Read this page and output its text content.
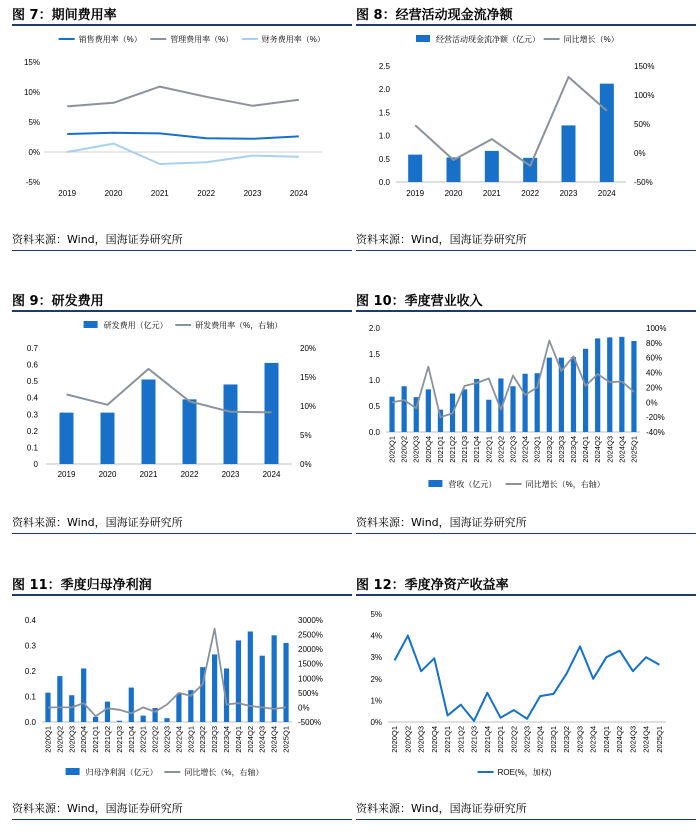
图 7：期间费用率
-5%
0%
5%
10%
15%
2019	2020	2021	2022	2023	2024
销售费用率（%）	管理费用率（%）	财务费用率（%）
资料来源：Wind，国海证券研究所
图 8：经营活动现金流净额
0.0
0.5
1.0
1.5
2.0
2.5
-50%
0%
50%
100%
150%
2019	2020	2021	2022	2023	2024
经营活动现金流净额（亿元）	同比增长（%）
资料来源：Wind，国海证券研究所
图 9：研发费用
0
0.1
0.2
0.3
0.4
0.5
0.6
0.7
0%
5%
10%
15%
20%
2019	2020	2021	2022	2023	2024
研发费用（亿元）	研发费用率（%，右轴）
资料来源：Wind，国海证券研究所
图 10：季度营业收入
0.0
0.5
1.0
1.5
2.0
-40%
-20%
0%
20%
40%
60%
80%
100%
2020Q1 2020Q2 2020Q3 2020Q4 2021Q1 2021Q2 2021Q3 2021Q4 2022Q1 2022Q2 2022Q3 2022Q4 2023Q1 2023Q2 2023Q3 2023Q4 2024Q1 2024Q2 2024Q3 2024Q4 2025Q1
营收（亿元）	同比增长（%，右轴）
资料来源：Wind，国海证券研究所
图 11：季度归母净利润
0.0
0.1
0.2
0.3
0.4
-500%
0%
500%
1000%
1500%
2000%
2500%
3000%
2020Q1 2020Q2 2020Q3 2020Q4 2021Q1 2021Q2 2021Q3 2021Q4 2022Q1 2022Q2 2022Q3 2022Q4 2023Q1 2023Q2 2023Q3 2023Q4 2024Q1 2024Q2 2024Q3 2024Q4 2025Q1
归母净利润（亿元）	同比增长（%，右轴）
资料来源：Wind，国海证券研究所
图 12：季度净资产收益率
0%
1%
2%
3%
4%
5%
2020Q1 2020Q2 2020Q3 2020Q4 2021Q1 2021Q2 2021Q3 2021Q4 2022Q1 2022Q2 2022Q3 2022Q4 2023Q1 2023Q2 2023Q3 2023Q4 2024Q1 2024Q2 2024Q3 2024Q4 2025Q1
ROE(%，加权)
资料来源：Wind，国海证券研究所
